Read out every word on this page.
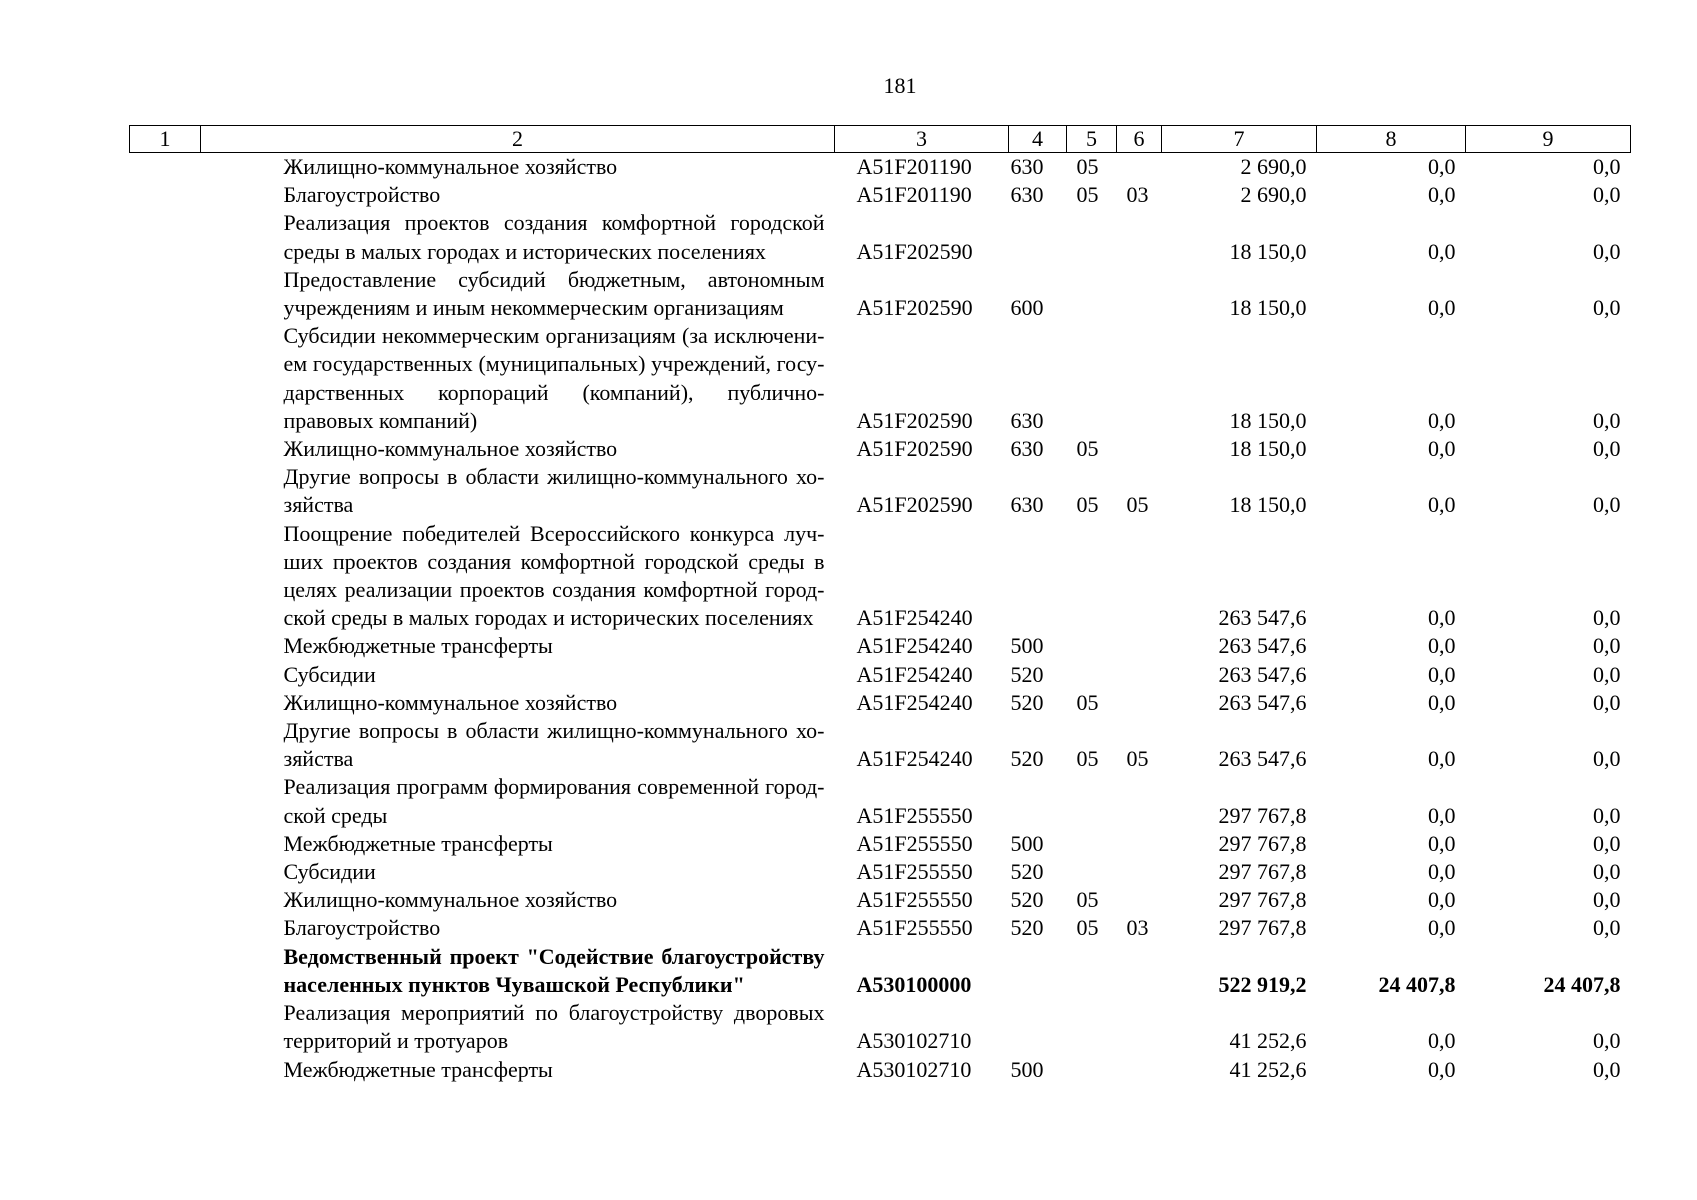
181
1	2	3	4	5	6	7	8	9
	Жилищно-коммунальное хозяйство	А51F201190	630	05		2 690,0	0,0	0,0
	Благоустройство	А51F201190	630	05	03	2 690,0	0,0	0,0
	Реализация проектов создания комфортной городской среды в малых городах и исторических поселениях	А51F202590				18 150,0	0,0	0,0
	Предоставление субсидий бюджетным, автономным учреждениям и иным некоммерческим организациям	А51F202590	600			18 150,0	0,0	0,0
	Субсидии некоммерческим организациям (за исключением государственных (муниципальных) учреждений, государственных корпораций (компаний), публично-правовых компаний)	А51F202590	630			18 150,0	0,0	0,0
	Жилищно-коммунальное хозяйство	А51F202590	630	05		18 150,0	0,0	0,0
	Другие вопросы в области жилищно-коммунального хозяйства	А51F202590	630	05	05	18 150,0	0,0	0,0
	Поощрение победителей Всероссийского конкурса лучших проектов создания комфортной городской среды в целях реализации проектов создания комфортной городской среды в малых городах и исторических поселениях	А51F254240				263 547,6	0,0	0,0
	Межбюджетные трансферты	А51F254240	500			263 547,6	0,0	0,0
	Субсидии	А51F254240	520			263 547,6	0,0	0,0
	Жилищно-коммунальное хозяйство	А51F254240	520	05		263 547,6	0,0	0,0
	Другие вопросы в области жилищно-коммунального хозяйства	А51F254240	520	05	05	263 547,6	0,0	0,0
	Реализация программ формирования современной городской среды	А51F255550				297 767,8	0,0	0,0
	Межбюджетные трансферты	А51F255550	500			297 767,8	0,0	0,0
	Субсидии	А51F255550	520			297 767,8	0,0	0,0
	Жилищно-коммунальное хозяйство	А51F255550	520	05		297 767,8	0,0	0,0
	Благоустройство	А51F255550	520	05	03	297 767,8	0,0	0,0
	Ведомственный проект "Содействие благоустройству населенных пунктов Чувашской Республики"	А530100000				522 919,2	24 407,8	24 407,8
	Реализация мероприятий по благоустройству дворовых территорий и тротуаров	А530102710				41 252,6	0,0	0,0
	Межбюджетные трансферты	А530102710	500			41 252,6	0,0	0,0
